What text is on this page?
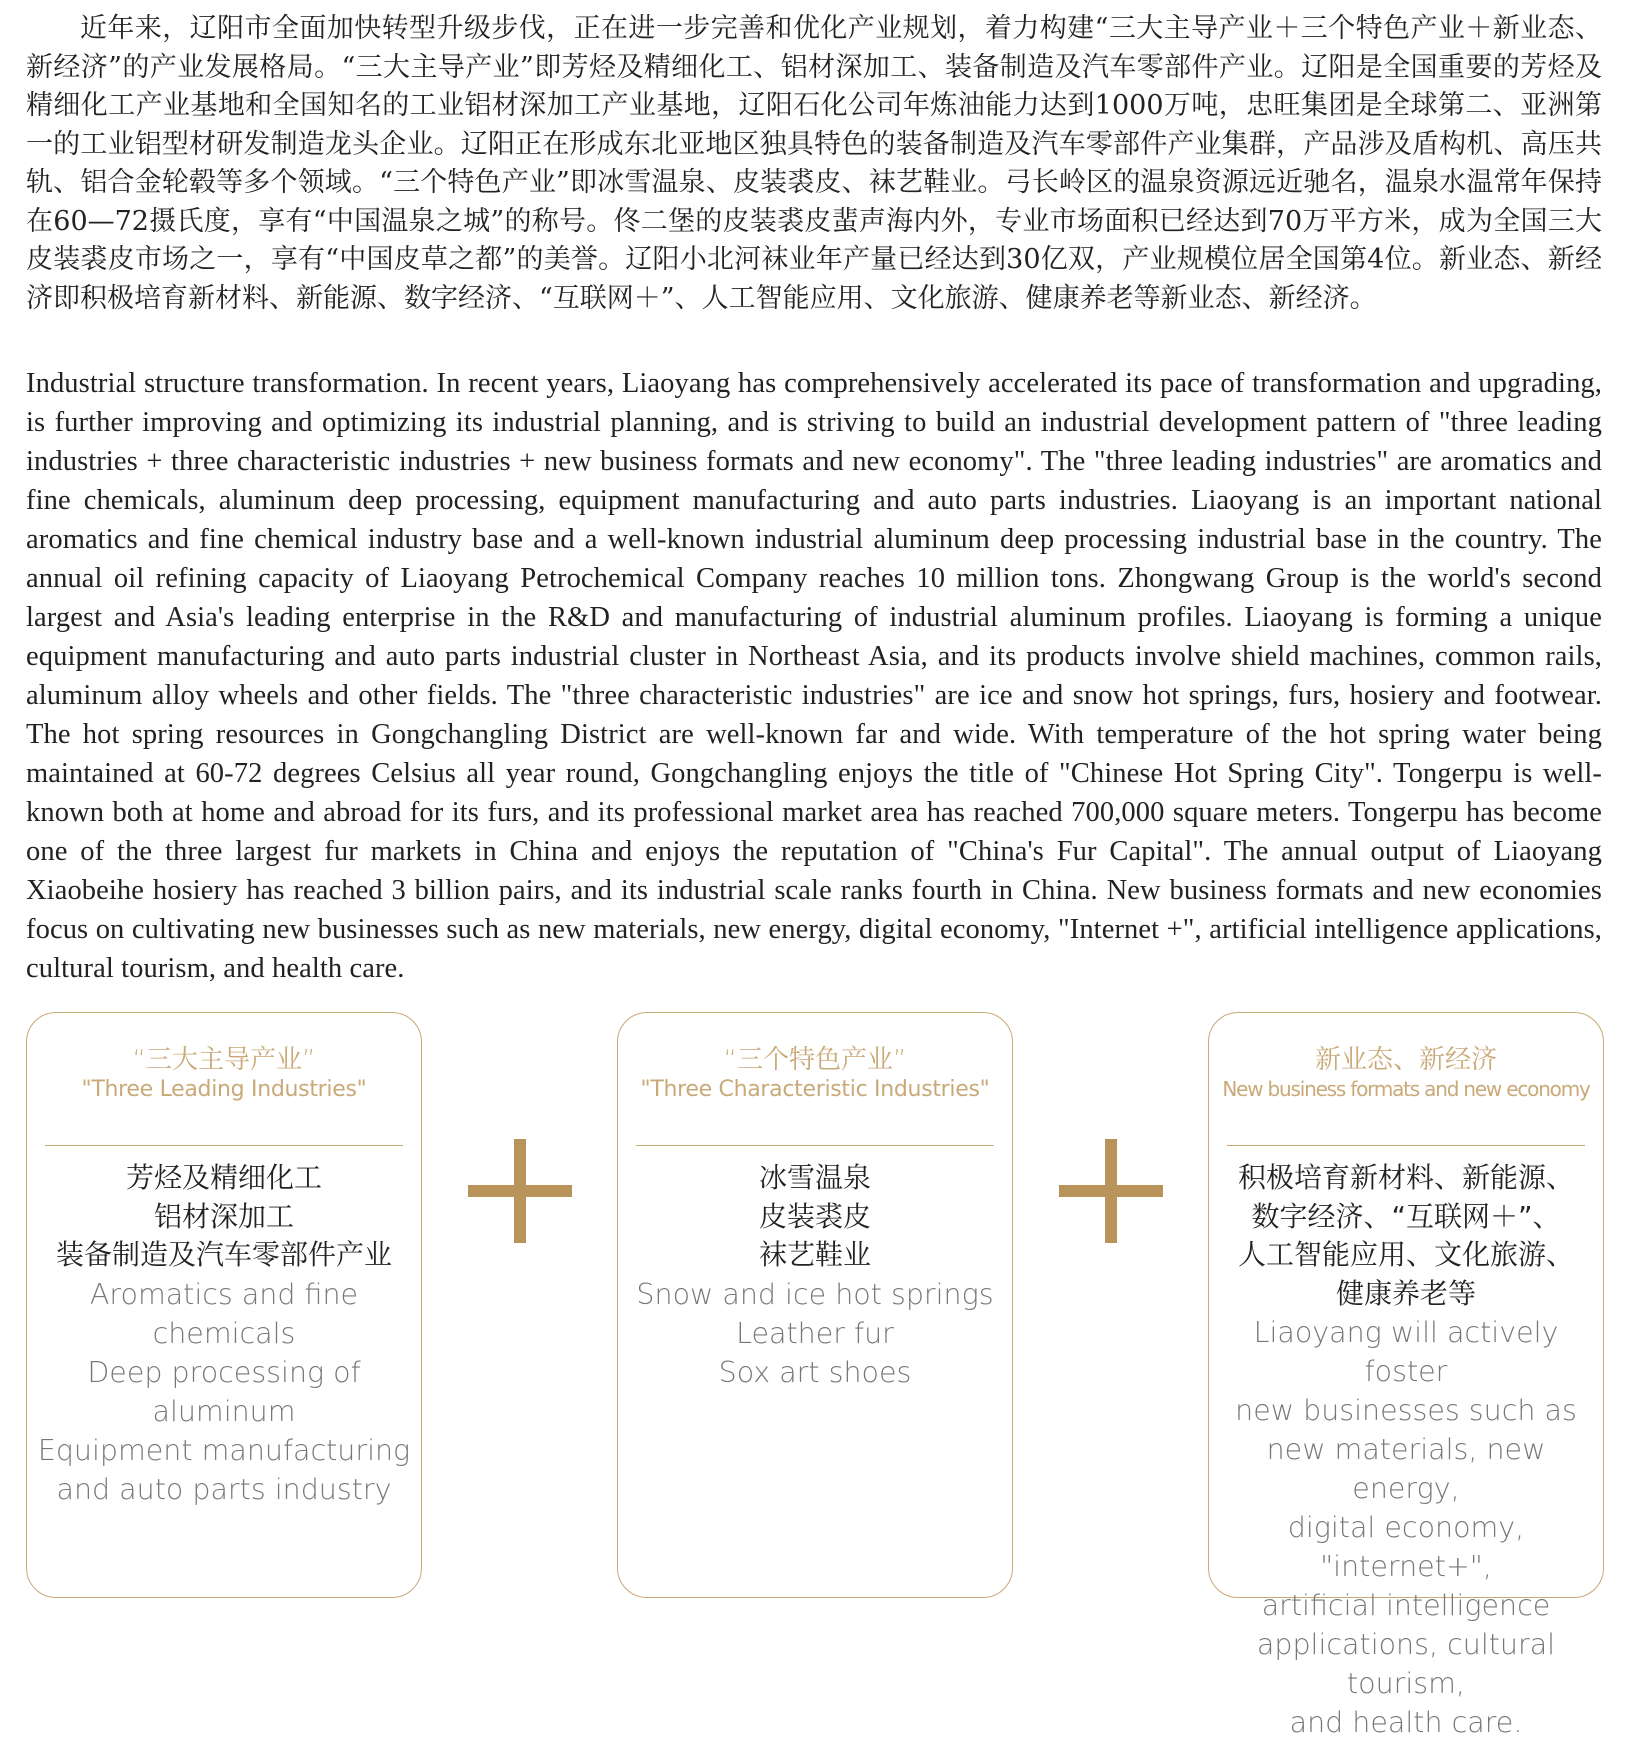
近年来，辽阳市全面加快转型升级步伐，正在进一步完善和优化产业规划，着力构建“三大主导产业＋三个特色产业＋新业态、新经济”的产业发展格局。“三大主导产业”即芳烃及精细化工、铝材深加工、装备制造及汽车零部件产业。辽阳是全国重要的芳烃及精细化工产业基地和全国知名的工业铝材深加工产业基地，辽阳石化公司年炼油能力达到1000万吨，忠旺集团是全球第二、亚洲第一的工业铝型材研发制造龙头企业。辽阳正在形成东北亚地区独具特色的装备制造及汽车零部件产业集群，产品涉及盾构机、高压共轨、铝合金轮毂等多个领域。“三个特色产业”即冰雪温泉、皮装裘皮、袜艺鞋业。弓长岭区的温泉资源远近驰名，温泉水温常年保持在60—72摄氏度，享有“中国温泉之城”的称号。佟二堡的皮装裘皮蜚声海内外，专业市场面积已经达到70万平方米，成为全国三大皮装裘皮市场之一，享有“中国皮草之都”的美誉。辽阳小北河袜业年产量已经达到30亿双，产业规模位居全国第4位。新业态、新经济即积极培育新材料、新能源、数字经济、“互联网＋”、人工智能应用、文化旅游、健康养老等新业态、新经济。

Industrial structure transformation. In recent years, Liaoyang has comprehensively accelerated its pace of transformation and upgrading, is further improving and optimizing its industrial planning, and is striving to build an industrial development pattern of "three leading industries + three characteristic industries + new business formats and new economy". The "three leading industries" are aromatics and fine chemicals, aluminum deep processing, equipment manufacturing and auto parts industries. Liaoyang is an important national aromatics and fine chemical industry base and a well-known industrial aluminum deep processing industrial base in the country. The annual oil refining capacity of Liaoyang Petrochemical Company reaches 10 million tons. Zhongwang Group is the world's second largest and Asia's leading enterprise in the R&D and manufacturing of industrial aluminum profiles. Liaoyang is forming a unique equipment manufacturing and auto parts industrial cluster in Northeast Asia, and its products involve shield machines, common rails, aluminum alloy wheels and other fields. The "three characteristic industries" are ice and snow hot springs, furs, hosiery and footwear. The hot spring resources in Gongchangling District are well-known far and wide. With temperature of the hot spring water being maintained at 60-72 degrees Celsius all year round, Gongchangling enjoys the title of "Chinese Hot Spring City". Tongerpu is well-known both at home and abroad for its furs, and its professional market area has reached 700,000 square meters. Tongerpu has become one of the three largest fur markets in China and enjoys the reputation of "China's Fur Capital". The annual output of Liaoyang Xiaobeihe hosiery has reached 3 billion pairs, and its industrial scale ranks fourth in China. New business formats and new economies focus on cultivating new businesses such as new materials, new energy, digital economy, "Internet +", artificial intelligence applications, cultural tourism, and health care.

“三大主导产业”
"Three Leading Industries"
芳烃及精细化工
铝材深加工
装备制造及汽车零部件产业
Aromatics and fine
chemicals
Deep processing of
aluminum
Equipment manufacturing
and auto parts industry
“三个特色产业”
"Three Characteristic Industries"
冰雪温泉
皮装裘皮
袜艺鞋业
Snow and ice hot springs
Leather fur
Sox art shoes
新业态、新经济
New business formats and new economy
积极培育新材料、新能源、
数字经济、“互联网＋”、
人工智能应用、文化旅游、
健康养老等
Liaoyang will actively foster
new businesses such as
new materials, new energy,
digital economy, "internet+",
artificial intelligence
applications, cultural tourism,
and health care.
